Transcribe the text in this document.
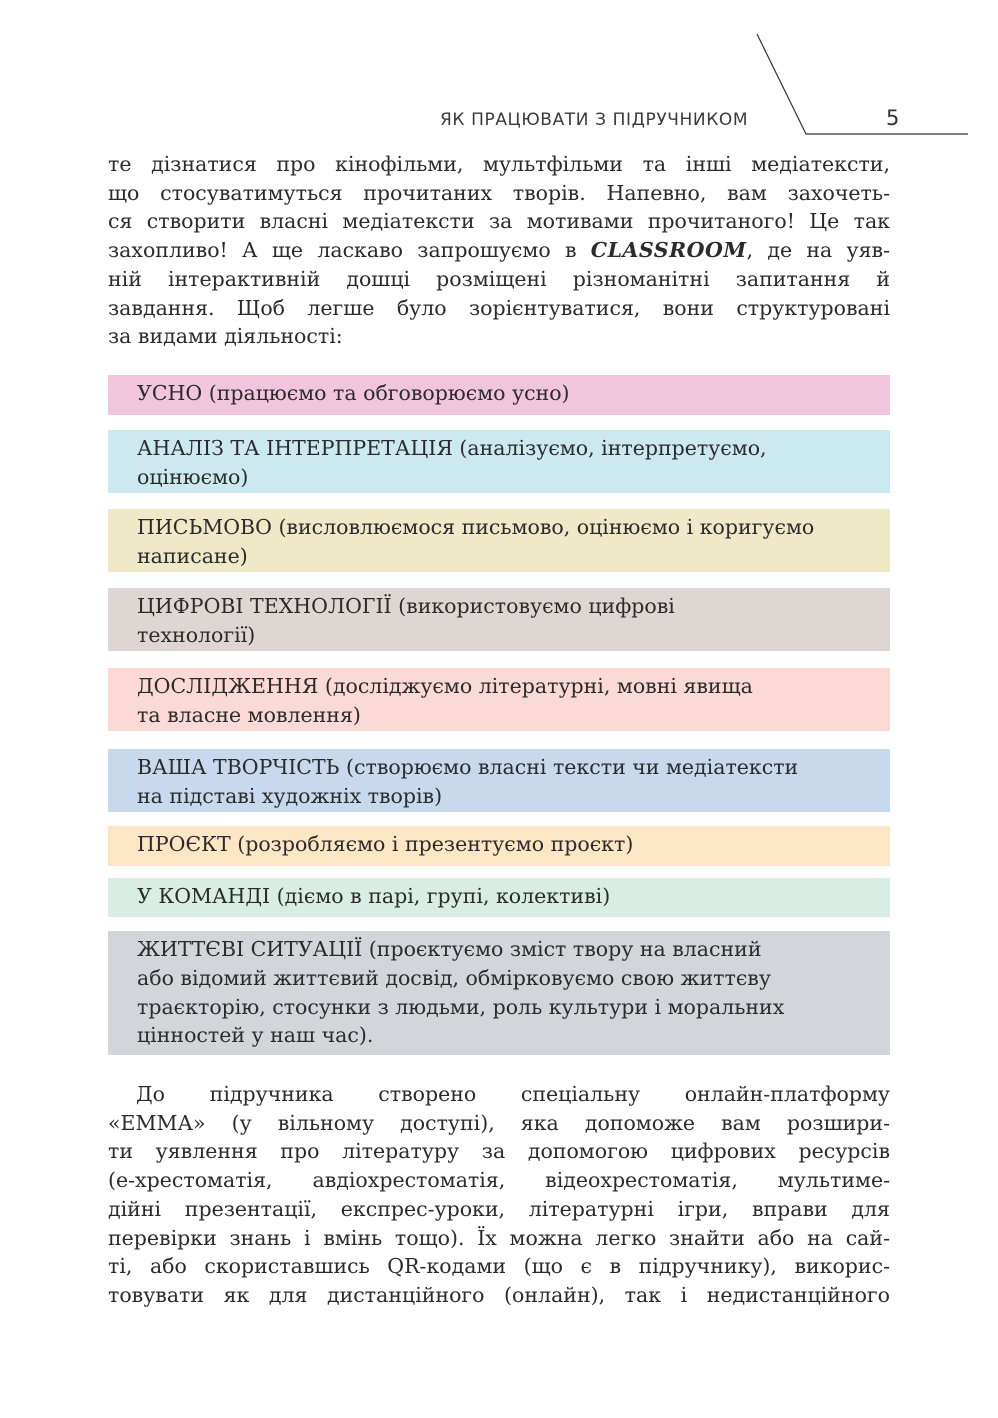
ЯК ПРАЦЮВАТИ З ПІДРУЧНИКОМ	5

те дізнатися про кінофільми, мультфільми та інші медіатексти,
що стосуватимуться прочитаних творів. Напевно, вам захочеть-
ся створити власні медіатексти за мотивами прочитаного! Це так
захопливо! А ще ласкаво запрошуємо в CLASSROOM, де на уяв-
ній інтерактивній дошці розміщені різноманітні запитання й
завдання. Щоб легше було зорієнтуватися, вони структуровані
за видами діяльності:

УСНО (працюємо та обговорюємо усно)
АНАЛІЗ ТА ІНТЕРПРЕТАЦІЯ (аналізуємо, інтерпретуємо,
оцінюємо)
ПИСЬМОВО (висловлюємося письмово, оцінюємо і коригуємо
написане)
ЦИФРОВІ ТЕХНОЛОГІЇ (використовуємо цифрові
технології)
ДОСЛІДЖЕННЯ (досліджуємо літературні, мовні явища
та власне мовлення)
ВАША ТВОРЧІСТЬ (створюємо власні тексти чи медіатексти
на підставі художніх творів)
ПРОЄКТ (розробляємо і презентуємо проєкт)
У КОМАНДІ (діємо в парі, групі, колективі)
ЖИТТЄВІ СИТУАЦІЇ (проєктуємо зміст твору на власний
або відомий життєвий досвід, обмірковуємо свою життєву
траєкторію, стосунки з людьми, роль культури і моральних
цінностей у наш час).

До підручника створено спеціальну онлайн-платформу
«ЕММА» (у вільному доступі), яка допоможе вам розшири-
ти уявлення про літературу за допомогою цифрових ресурсів
(е-хрестоматія, авдіохрестоматія, відеохрестоматія, мультиме-
дійні презентації, експрес-уроки, літературні ігри, вправи для
перевірки знань і вмінь тощо). Їх можна легко знайти або на сай-
ті, або скориставшись QR-кодами (що є в підручнику), викорис-
товувати як для дистанційного (онлайн), так і недистанційного
